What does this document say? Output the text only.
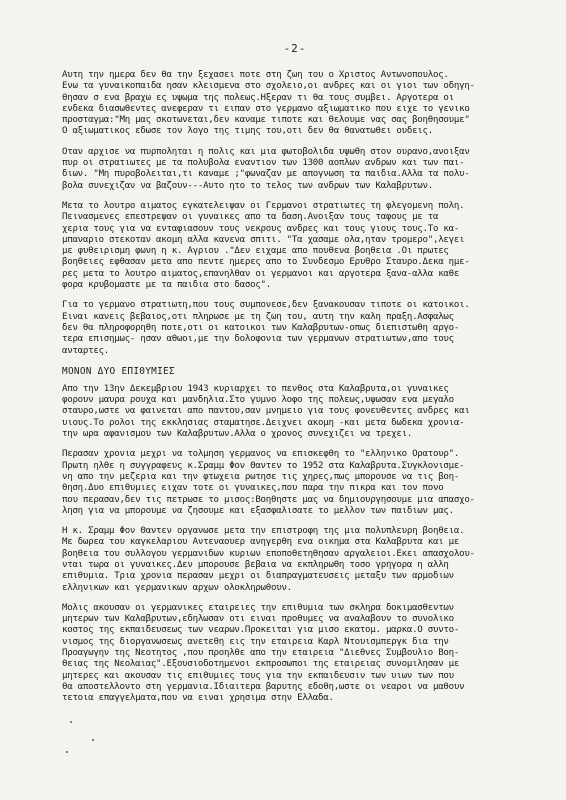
-2-
Αυτη την ημερα δεν θα την ξεχασει ποτε στη ζωη του ο Χριστος Αντωνοπουλος.
Ενω τα γυναικοπαιδα ησαν κλεισμενα στο σχολειο,οι ανδρες και οι γιοι των οδηγη-
θησαν σ ενα βραχω ες υψωμα της πολεως.Ηξεραν τι θα τους συμβει. Αργοτερα οι
ενδεκα διασωθεντες ανεφεραν τι ειπαν στο γερμανο αξιωματικο που ειχε το γενικο
προσταγμα:"Μη μας σκοτωνεται,δεν καναμε τιποτε και θελουμε νας σας βοηθησουμε"
Ο αξιωματικος εδωσε τον λογο της τιμης του,οτι δεν θα θανατωθει ουδεις.
Οταν αρχισε να πυρποληται η πολις και μια φωτοβολιδα υψωθη στον ουρανο,ανοιξαν
πυρ οι στρατιωτες με τα πολυβολα εναντιον των 1300 αοπλων ανδρων και των παι-
διων. "Μη πυροβολειται,τι καναμε ;"φωναζαν με απογνωση τα παιδια.Αλλα τα πολυ-
βολα συνεχιζαν να βαζουν---Αυτο ητο το τελος των ανδρων των Καλαβρυτων.
Μετα το λουτρο αιματος εγκατελειψαν οι Γερμανοι στρατιωτες τη φλεγομενη πολη.
Πεινασμενες επεστρεψαν οι γυναικες απο τα δαση.Ανοιξαν τους ταφους με τα
χερια τους για να ενταφιασουν τους νεκρους ανδρες και τους γιους τους.Το κα-
μπαναριο στεκοταν ακομη αλλα κανενα σπιτι. "Τα χασαμε ολα,ηταν τρομερο",λεγει
με φυθειρισμη φωνη η κ. Αγριου ."Δεν ειχαμε απο πουθενα βοηθεια .Οι πρωτες
βοηθειες εφθασαν μετα απο πεντε ημερες απο το Συνδεσμο Ερυθρο Σταυρο.Δεκα ημε-
ρες μετα το λουτρο αιματος,επανηλθαν οι γερμανοι και αργοτερα ξανα-αλλα καθε
φορα κρυβομαστε με τα παιδια στο δασος".
Για το γερμανο στρατιωτη,που τους συμπονεσε,δεν ξανακουσαν τιποτε οι κατοικοι.
Ειναι κανεις βεβαιος,οτι πληρωσε με τη ζωη του, αυτη την καλη πραξη.Ασφαλως
δεν θα πληροφορηθη ποτε,οτι οι κατοικοι των Καλαβρυτων-οπως διεπιστωθη αργο-
τερα επισημως- ησαν αθωοι,με την δολοφονια των γερμανων στρατιωτων,απο τους
ανταρτες.
ΜΟΝΟΝ ΔΥΟ ΕΠΙΘΥΜΙΕΣ
Απο την 13ην Δεκεμβριου 1943 κυριαρχει το πενθος στα Καλαβρυτα,οι γυναικες
φορουν μαυρα ρουχα και μανδηλια.Στο γυμνο λοφο της πολεως,υψωσαν ενα μεγαλο
σταυρο,ωστε να φαινεται απο παντου,σαν μνημειο για τους φονευθεντες ανδρες και
υιους.Το ρολοι της εκκλησιας σταματησε.Δειχνει ακομη -και μετα δωδεκα χρονια-
την ωρα αφανισμου των Καλαβρυτων.Αλλα ο χρονος συνεχιζει να τρεχει.
Περασαν χρονια μεχρι να τολμηση γερμανος να επισκεφθη το "ελληνικο Ορατουρ".
Πρωτη ηλθε η συγγραφευς κ.Σραμμ Φον Θαντεν το 1952 στα Καλαβρυτα.Συγκλονισμε-
νη απο την μεζερια και την φτωχεια ρωτησε τις χηρες,πως μπορουσε να τις βοη-
θηση.Δυο επιθυμιες ειχαν τοτε οι γυναικες,που παρα την πικρα και τον πονο
που περασαν,δεν τις πετρωσε το μισος:Βοηθηστε μας να δημιουργησουμε μια απασχο-
ληση για να μπορουμε να ζησουμε και εξασφαλισατε το μελλον των παιδιων μας.
Η κ. Σραμμ Φον Θαντεν οργανωσε μετα την επιστροφη της μια πολυπλευρη βοηθεια.
Με δωρεα του καγκελαριου Αντεναουερ ανηγερθη ενα οικημα στα Καλαβρυτα και με
βοηθεια του συλλογου γερμανιδων κυριων εποποθετηθησαν αργαλειοι.Εκει απασχολου-
νται τωρα οι γυναικες.Δεν μπορουσε βεβαια να εκπληρωθη τοσο γρηγορα η αλλη
επιθυμια. Τρια χρονια περασαν μεχρι οι διαπραγματευσεις μεταξυ των αρμοδιων
ελληνικων και γερμανικων αρχων ολοκληρωθουν.
Μολις ακουσαν οι γερμανικες εταιρειες την επιθυμια των σκληρα δοκιμασθεντων
μητερων των Καλαβρυτων,εδηλωσαν οτι ειναι προθυμες να αναλαβουν το συνολικο
κοστος της εκπαιδευσεως των νεαρων.Προκειται για μισο εκατομ. μαρκα.Ο συντο-
νισμος της διοργανωσεως ανετεθη εις την εταιρεια Καρλ Ντουισμπεργκ δια την
Προαγωγην της Νεοτητος ,που προηλθε απο την εταιρεια "Διεθνες Συμβουλιο Βοη-
θειας της Νεολαιας".Εξουσιοδοτημενοι εκπροσωποι της εταιρειας συνομιλησαν με
μητερες και ακουσαν τις επιθυμιες τους για την εκπαιδευσιν των υιων των που
θα αποστελλοντο στη γερμανια.Ιδιαιτερα βαρυτης εδοθη,ωστε οι νεαροι να μαθουν
τετοια επαγγελματα,που να ειναι χρησιμα στην Ελλαδα.
